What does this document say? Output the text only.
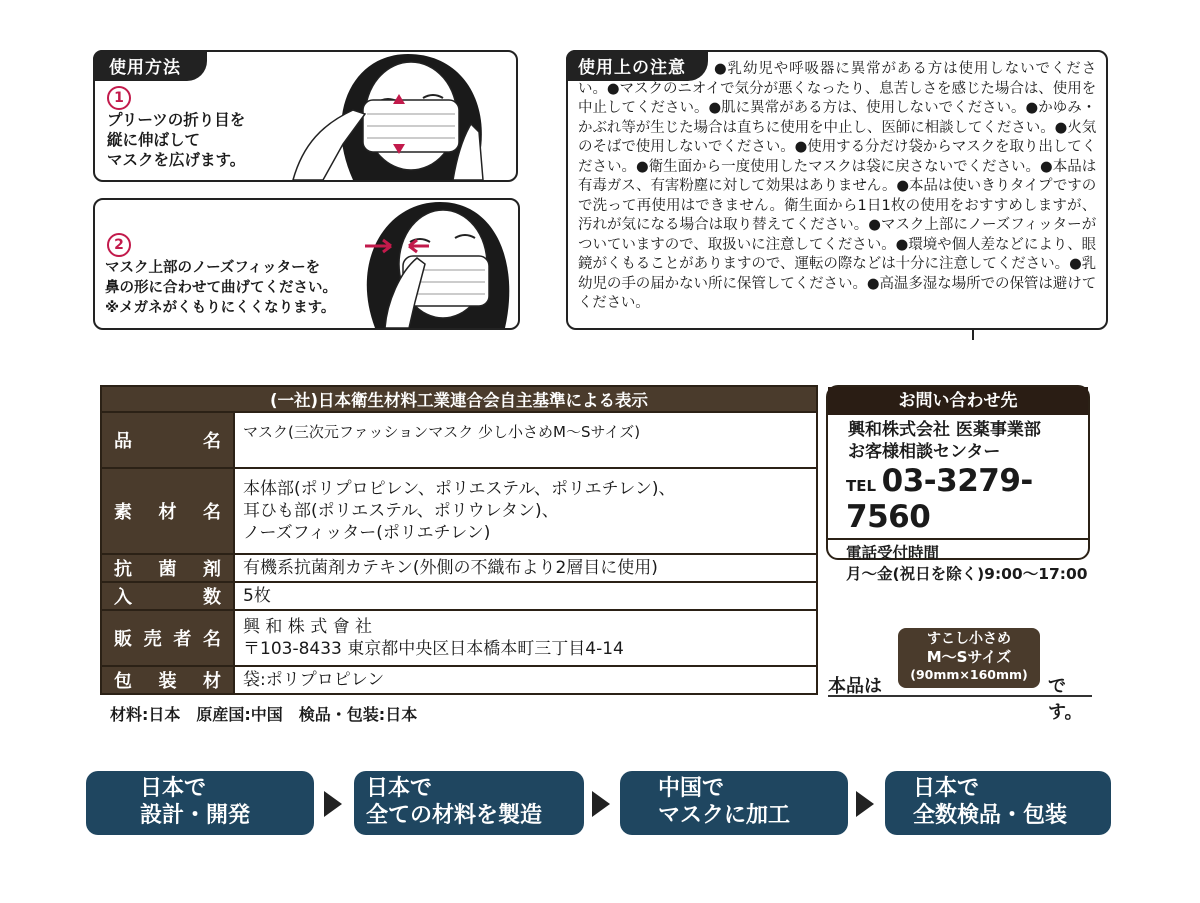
使用方法
1
プリーツの折り目を
縦に伸ばして
マスクを広げます。
2
マスク上部のノーズフィッターを
鼻の形に合わせて曲げてください。
※メガネがくもりにくくなります。
使用上の注意	●乳幼児や呼吸器に異常がある方は使用しないでください。●マスクのニオイで気分が悪くなったり、息苦しさを感じた場合は、使用を中止してください。●肌に異常がある方は、使用しないでください。●かゆみ・かぶれ等が生じた場合は直ちに使用を中止し、医師に相談してください。●火気のそばで使用しないでください。●使用する分だけ袋からマスクを取り出してください。●衛生面から一度使用したマスクは袋に戻さないでください。●本品は有毒ガス、有害粉塵に対して効果はありません。●本品は使いきりタイプですので洗って再使用はできません。衛生面から1日1枚の使用をおすすめしますが、汚れが気になる場合は取り替えてください。●マスク上部にノーズフィッターがついていますので、取扱いに注意してください。●環境や個人差などにより、眼鏡がくもることがありますので、運転の際などは十分に注意してください。●乳幼児の手の届かない所に保管してください。●高温多湿な場所での保管は避けてください。
(一社)日本衛生材料工業連合会自主基準による表示	
品名	マスク(三次元ファッションマスク 少し小さめM〜Sサイズ)
素材名	本体部(ポリプロピレン、ポリエステル、ポリエチレン)、
耳ひも部(ポリエステル、ポリウレタン)、
ノーズフィッター(ポリエチレン)
抗菌剤	有機系抗菌剤カテキン(外側の不織布より2層目に使用)
入数	5枚
販売者名	興 和 株 式 會 社
〒103-8433 東京都中央区日本橋本町三丁目4-14
包装材	袋:ポリプロピレン
材料:日本　原産国:中国　検品・包装:日本
お問い合わせ先
興和株式会社 医薬事業部
お客様相談センター
TEL 03-3279-7560
電話受付時間
月〜金(祝日を除く)9:00〜17:00
本品は
すこし小さめ
M〜Sサイズ
(90mm×160mm)
です。
日本で
設計・開発
日本で
全ての材料を製造
中国で
マスクに加工
日本で
全数検品・包装
